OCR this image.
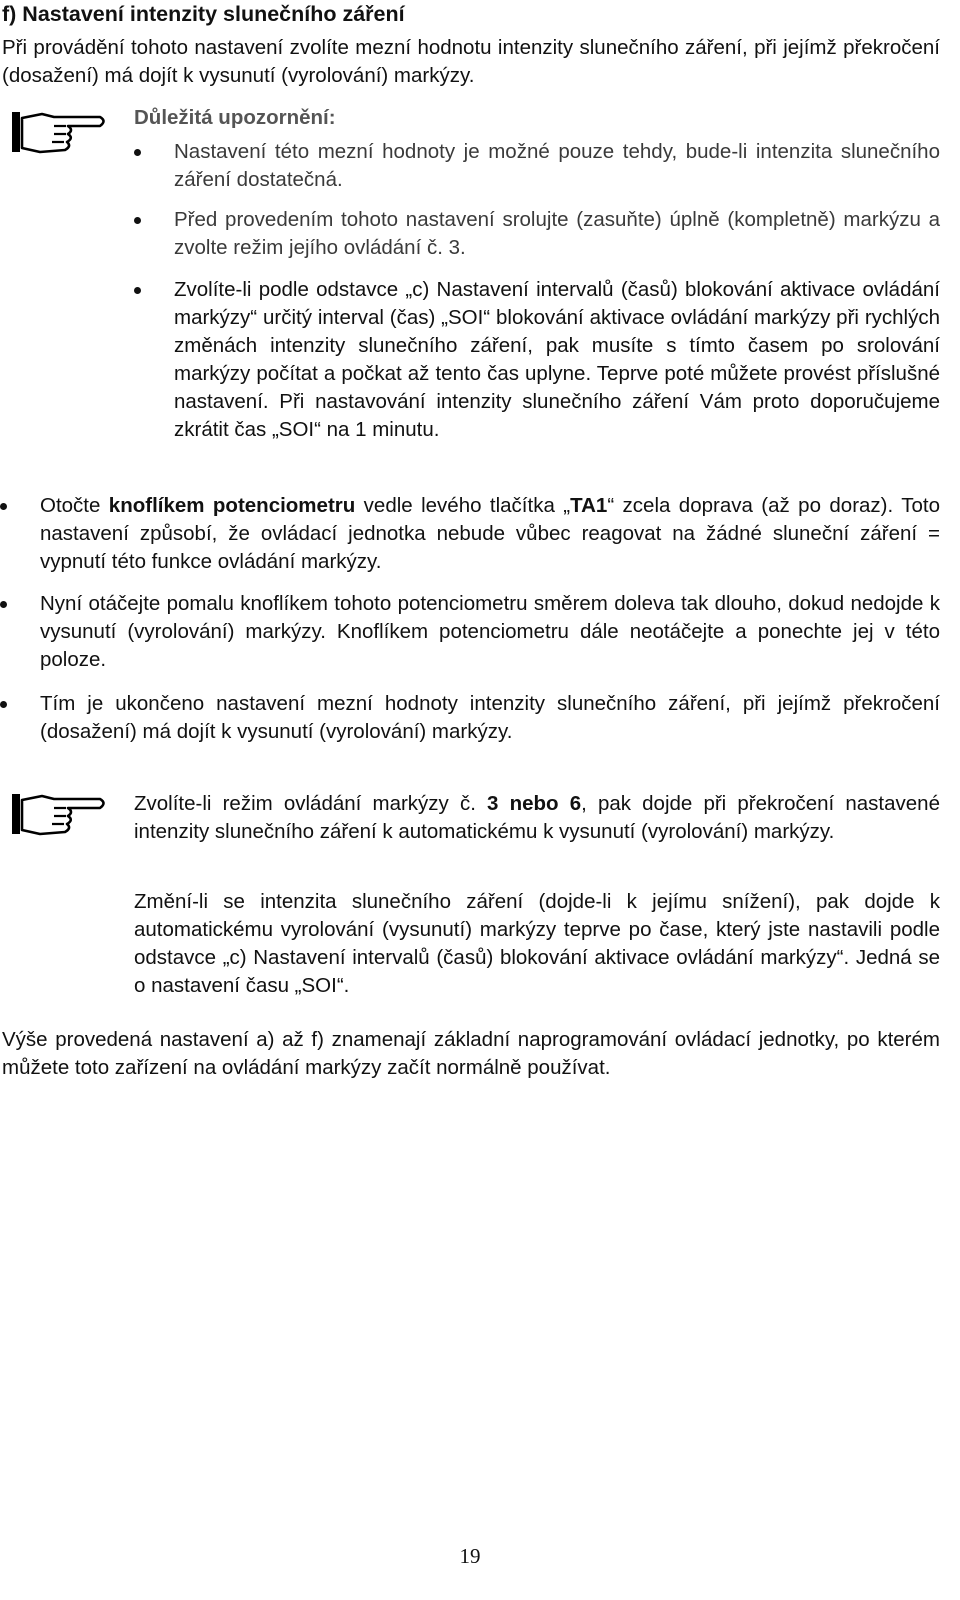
f) Nastavení intenzity slunečního záření

Při provádění tohoto nastavení zvolíte mezní hodnotu intenzity slunečního záření, při jejímž překročení (dosažení) má dojít k vysunutí (vyrolování) markýzy.

Důležitá upozornění:

Nastavení této mezní hodnoty je možné pouze tehdy, bude-li intenzita slunečního záření dostatečná.

Před provedením tohoto nastavení srolujte (zasuňte) úplně (kompletně) markýzu a zvolte režim jejího ovládání č. 3.

Zvolíte-li podle odstavce „c) Nastavení intervalů (časů) blokování aktivace ovládání markýzy“ určitý interval (čas) „SOI“ blokování aktivace ovládání markýzy při rychlých změnách intenzity slunečního záření, pak musíte s tímto časem po srolování markýzy počítat a počkat až tento čas uplyne. Teprve poté můžete provést příslušné nastavení. Při nastavování intenzity slunečního záření Vám proto doporučujeme zkrátit čas „SOI“ na 1 minutu.

Otočte knoflíkem potenciometru vedle levého tlačítka „TA1“ zcela doprava (až po doraz). Toto nastavení způsobí, že ovládací jednotka nebude vůbec reagovat na žádné sluneční záření = vypnutí této funkce ovládání markýzy.

Nyní otáčejte pomalu knoflíkem tohoto potenciometru směrem doleva tak dlouho, dokud nedojde k vysunutí (vyrolování) markýzy. Knoflíkem potenciometru dále neotáčejte a ponechte jej v této poloze.

Tím je ukončeno nastavení mezní hodnoty intenzity slunečního záření, při jejímž překročení (dosažení) má dojít k vysunutí (vyrolování) markýzy.

Zvolíte-li režim ovládání markýzy č. 3 nebo 6, pak dojde při překročení nastavené intenzity slunečního záření k automatickému k vysunutí (vyrolování) markýzy.

Změní-li se intenzita slunečního záření (dojde-li k jejímu snížení), pak dojde k automatickému vyrolování (vysunutí) markýzy teprve po čase, který jste nastavili podle odstavce „c) Nastavení intervalů (časů) blokování aktivace ovládání markýzy“. Jedná se o nastavení času „SOI“.

Výše provedená nastavení a) až f) znamenají základní naprogramování ovládací jednotky, po kterém můžete toto zařízení na ovládání markýzy začít normálně používat.

19
